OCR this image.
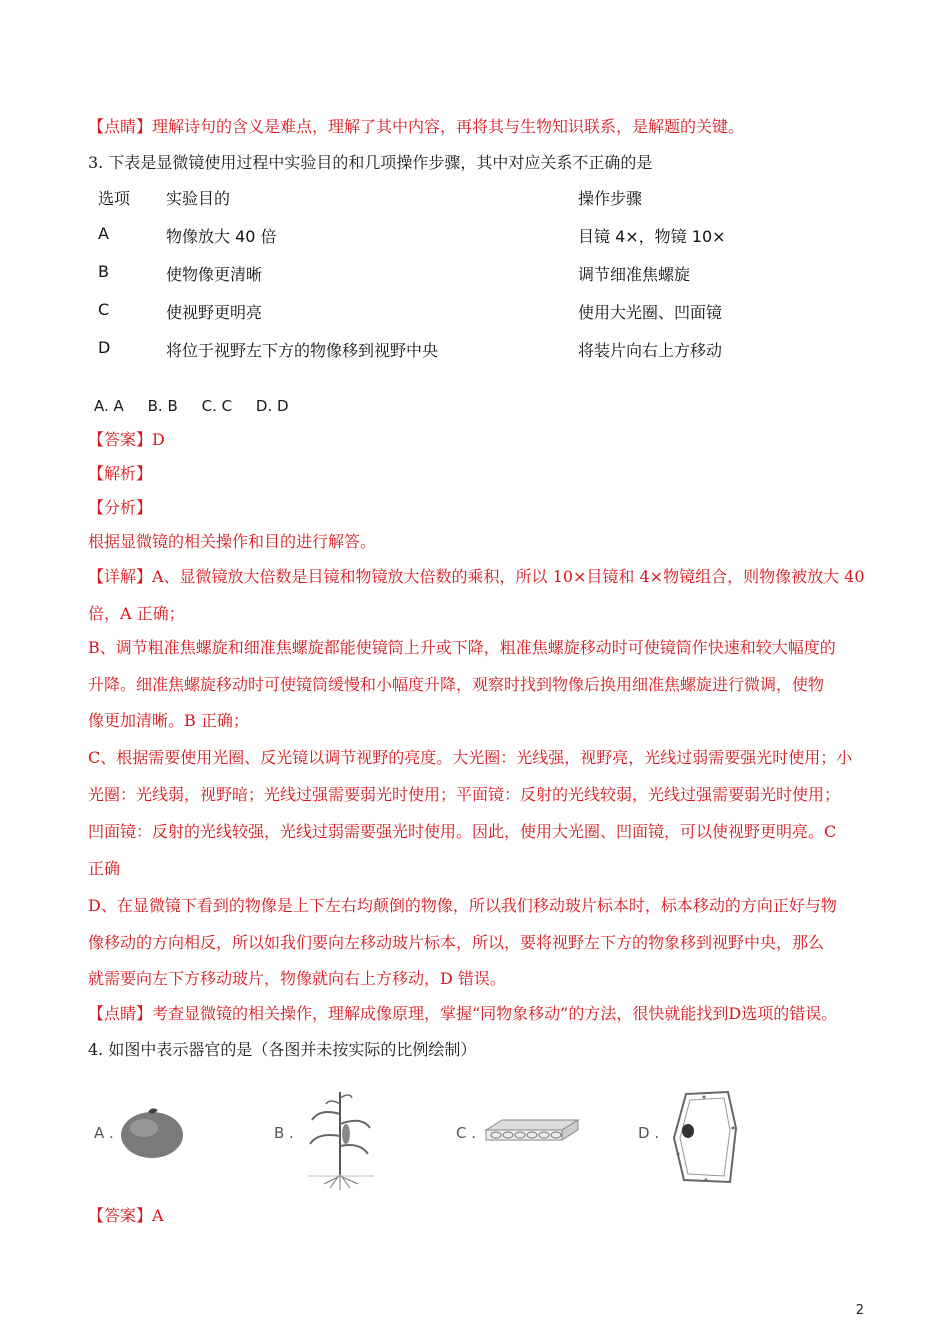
【点睛】理解诗句的含义是难点，理解了其中内容，再将其与生物知识联系，是解题的关键。
3. 下表是显微镜使用过程中实验目的和几项操作步骤，其中对应关系不正确的是
选项 实验目的	操作步骤
A	物像放大 40 倍	目镜 4×，物镜 10×
B	使物像更清晰	调节细准焦螺旋
C	使视野更明亮	使用大光圈、凹面镜
D	将位于视野左下方的物像移到视野中央	将装片向右上方移动
A. A     B. B     C. C     D. D
【答案】D
【解析】
【分析】
根据显微镜的相关操作和目的进行解答。
【详解】A、显微镜放大倍数是目镜和物镜放大倍数的乘积，所以 10×目镜和 4×物镜组合，则物像被放大 40
倍，A 正确；
B、调节粗准焦螺旋和细准焦螺旋都能使镜筒上升或下降，粗准焦螺旋移动时可使镜筒作快速和较大幅度的
升降。细准焦螺旋移动时可使镜筒缓慢和小幅度升降，观察时找到物像后换用细准焦螺旋进行微调，使物
像更加清晰。B 正确；
C、根据需要使用光圈、反光镜以调节视野的亮度。大光圈：光线强，视野亮，光线过弱需要强光时使用；小
光圈：光线弱，视野暗；光线过强需要弱光时使用；平面镜：反射的光线较弱，光线过强需要弱光时使用；
凹面镜：反射的光线较强，光线过弱需要强光时使用。因此，使用大光圈、凹面镜，可以使视野更明亮。C
正确
D、在显微镜下看到的物像是上下左右均颠倒的物像，所以我们移动玻片标本时，标本移动的方向正好与物
像移动的方向相反，所以如我们要向左移动玻片标本，所以，要将视野左下方的物象移到视野中央，那么
就需要向左下方移动玻片，物像就向右上方移动，D 错误。
【点睛】考查显微镜的相关操作，理解成像原理，掌握“同物象移动”的方法，很快就能找到D选项的错误。
4. 如图中表示器官的是（各图并未按实际的比例绘制）
A .	B .	C .	D .
【答案】A
2
